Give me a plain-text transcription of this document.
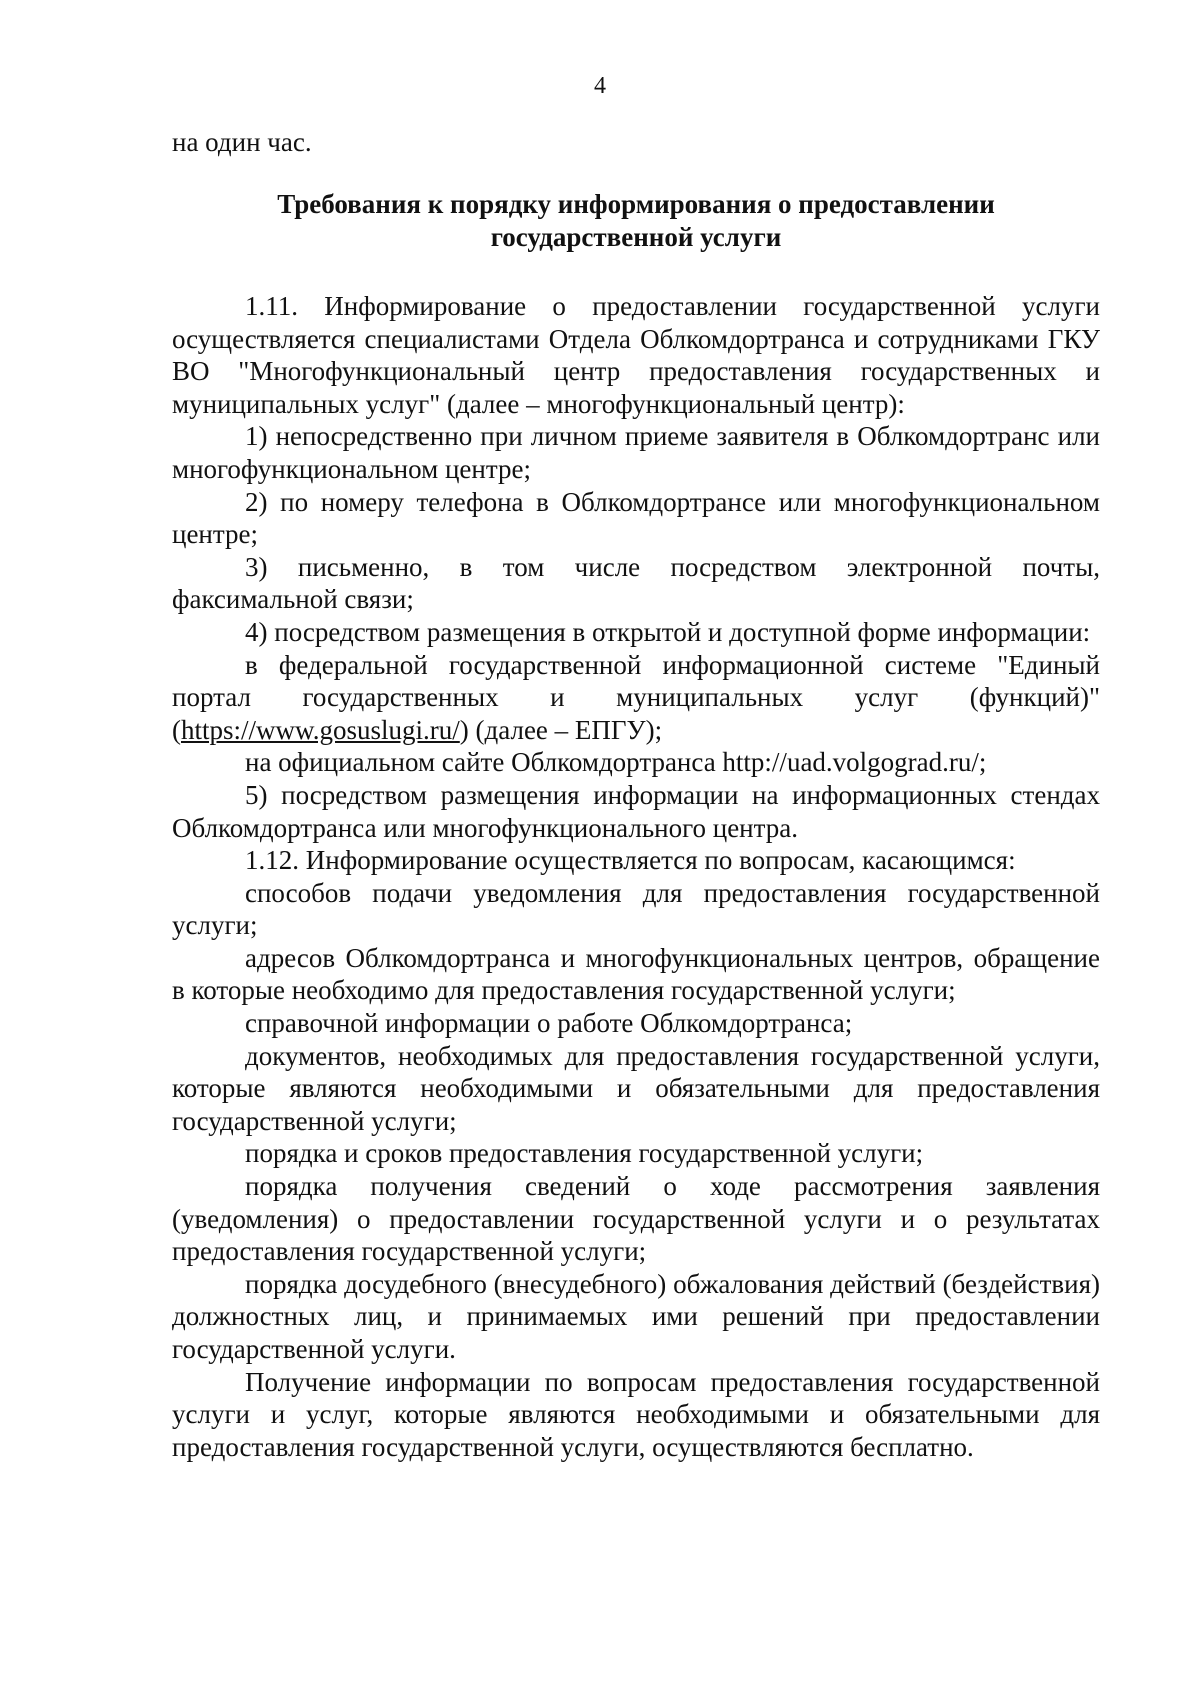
4
на один час.
Требования к порядку информирования о предоставлении
государственной услуги

1.11. Информирование о предоставлении государственной услуги осуществляется специалистами Отдела Облкомдортранса и сотрудниками ГКУ ВО "Многофункциональный центр предоставления государственных и муниципальных услуг" (далее – многофункциональный центр):

1) непосредственно при личном приеме заявителя в Облкомдортранс или многофункциональном центре;

2) по номеру телефона в Облкомдортрансе или многофункциональном центре;

3) письменно, в том числе посредством электронной почты, факсимальной связи;

4) посредством размещения в открытой и доступной форме информации:

в федеральной государственной информационной системе "Единый портал государственных и муниципальных услуг (функций)" (https://www.gosuslugi.ru/) (далее – ЕПГУ);

на официальном сайте Облкомдортранса http://uad.volgograd.ru/;

5) посредством размещения информации на информационных стендах Облкомдортранса или многофункционального центра.

1.12. Информирование осуществляется по вопросам, касающимся:

способов подачи уведомления для предоставления государственной услуги;

адресов Облкомдортранса и многофункциональных центров, обращение в которые необходимо для предоставления государственной услуги;

справочной информации о работе Облкомдортранса;

документов, необходимых для предоставления государственной услуги, которые являются необходимыми и обязательными для предоставления государственной услуги;

порядка и сроков предоставления государственной услуги;

порядка получения сведений о ходе рассмотрения заявления (уведомления) о предоставлении государственной услуги и о результатах предоставления государственной услуги;

порядка досудебного (внесудебного) обжалования действий (бездействия) должностных лиц, и принимаемых ими решений при предоставлении государственной услуги.

Получение информации по вопросам предоставления государственной услуги и услуг, которые являются необходимыми и обязательными для предоставления государственной услуги, осуществляются бесплатно.
